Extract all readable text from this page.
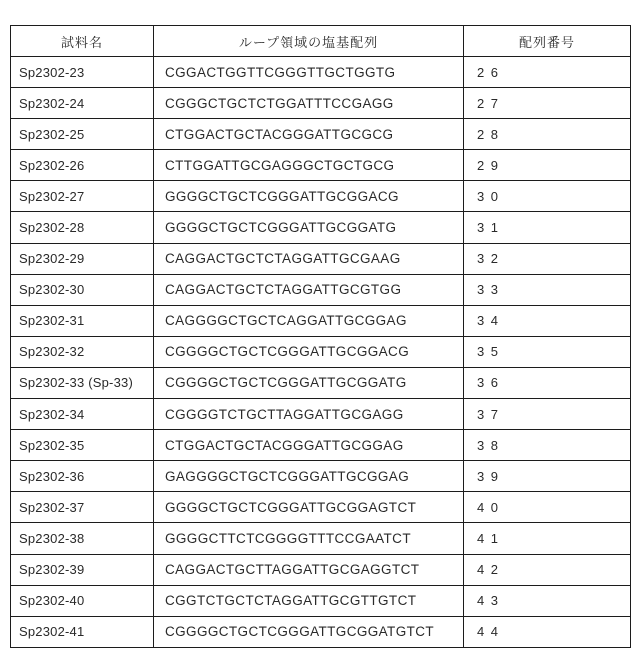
試料名	ループ領域の塩基配列	配列番号
Sp2302-23	CGGACTGGTTCGGGTTGCTGGTG	26
Sp2302-24	CGGGCTGCTCTGGATTTCCGAGG	27
Sp2302-25	CTGGACTGCTACGGGATTGCGCG	28
Sp2302-26	CTTGGATTGCGAGGGCTGCTGCG	29
Sp2302-27	GGGGCTGCTCGGGATTGCGGACG	30
Sp2302-28	GGGGCTGCTCGGGATTGCGGATG	31
Sp2302-29	CAGGACTGCTCTAGGATTGCGAAG	32
Sp2302-30	CAGGACTGCTCTAGGATTGCGTGG	33
Sp2302-31	CAGGGGCTGCTCAGGATTGCGGAG	34
Sp2302-32	CGGGGCTGCTCGGGATTGCGGACG	35
Sp2302-33 (Sp-33)	CGGGGCTGCTCGGGATTGCGGATG	36
Sp2302-34	CGGGGTCTGCTTAGGATTGCGAGG	37
Sp2302-35	CTGGACTGCTACGGGATTGCGGAG	38
Sp2302-36	GAGGGGCTGCTCGGGATTGCGGAG	39
Sp2302-37	GGGGCTGCTCGGGATTGCGGAGTCT	40
Sp2302-38	GGGGCTTCTCGGGGTTTCCGAATCT	41
Sp2302-39	CAGGACTGCTTAGGATTGCGAGGTCT	42
Sp2302-40	CGGTCTGCTCTAGGATTGCGTTGTCT	43
Sp2302-41	CGGGGCTGCTCGGGATTGCGGATGTCT	44
